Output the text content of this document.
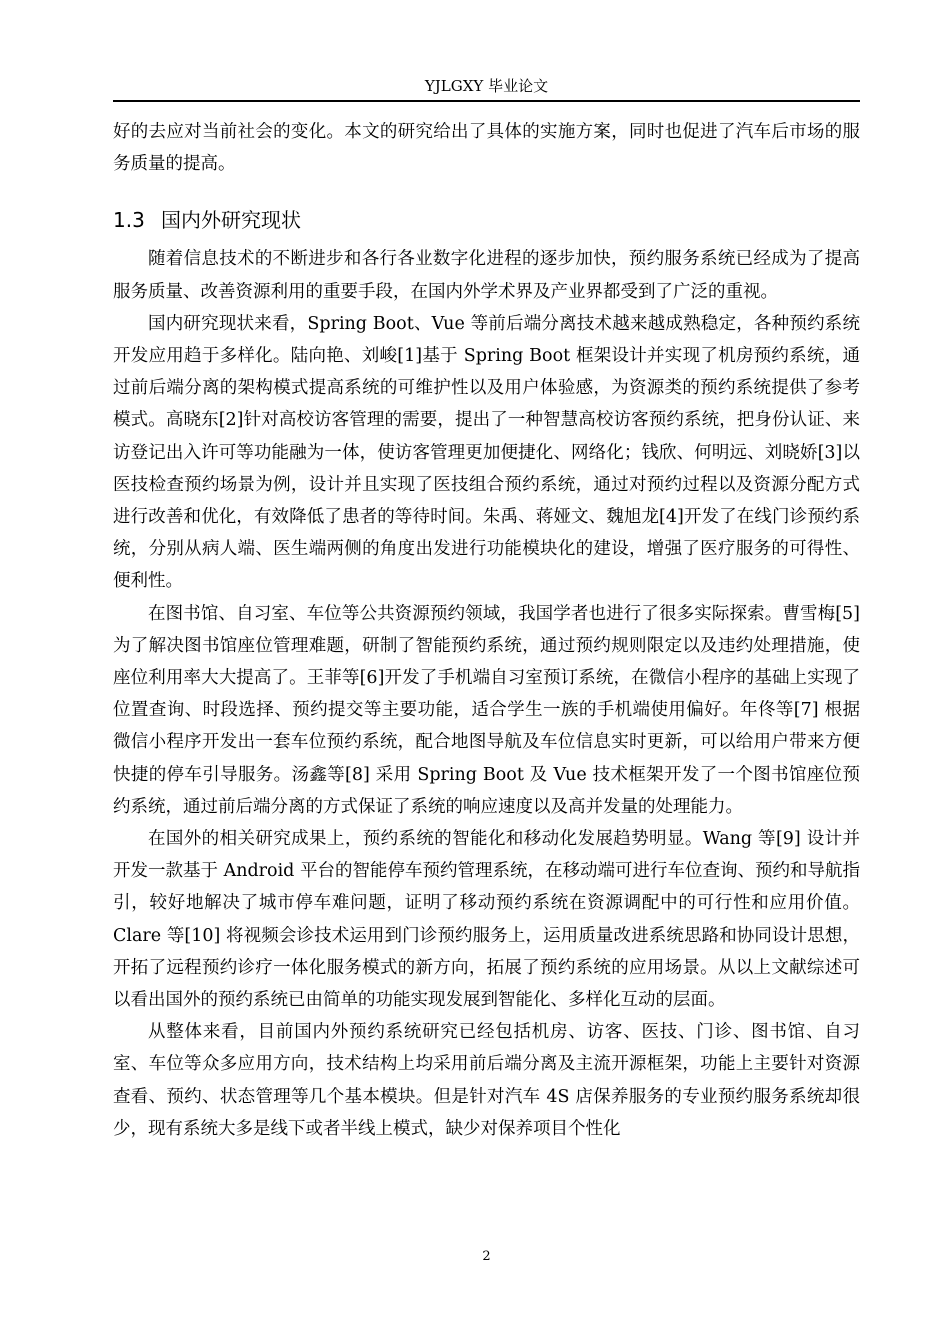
YJLGXY 毕业论文

好的去应对当前社会的变化。本文的研究给出了具体的实施方案，同时也促进了汽车后市场的服务质量的提高。

1.3 国内外研究现状

随着信息技术的不断进步和各行各业数字化进程的逐步加快，预约服务系统已经成为了提高服务质量、改善资源利用的重要手段，在国内外学术界及产业界都受到了广泛的重视。

国内研究现状来看，Spring Boot、Vue 等前后端分离技术越来越成熟稳定，各种预约系统开发应用趋于多样化。陆向艳、刘峻[1]基于 Spring Boot 框架设计并实现了机房预约系统，通过前后端分离的架构模式提高系统的可维护性以及用户体验感，为资源类的预约系统提供了参考模式。高晓东[2]针对高校访客管理的需要，提出了一种智慧高校访客预约系统，把身份认证、来访登记出入许可等功能融为一体，使访客管理更加便捷化、网络化；钱欣、何明远、刘晓娇[3]以医技检查预约场景为例，设计并且实现了医技组合预约系统，通过对预约过程以及资源分配方式进行改善和优化，有效降低了患者的等待时间。朱禹、蒋娅文、魏旭龙[4]开发了在线门诊预约系统，分别从病人端、医生端两侧的角度出发进行功能模块化的建设，增强了医疗服务的可得性、便利性。

在图书馆、自习室、车位等公共资源预约领域，我国学者也进行了很多实际探索。曹雪梅[5] 为了解决图书馆座位管理难题，研制了智能预约系统，通过预约规则限定以及违约处理措施，使座位利用率大大提高了。王菲等[6]开发了手机端自习室预订系统，在微信小程序的基础上实现了位置查询、时段选择、预约提交等主要功能，适合学生一族的手机端使用偏好。年佟等[7] 根据微信小程序开发出一套车位预约系统，配合地图导航及车位信息实时更新，可以给用户带来方便快捷的停车引导服务。汤鑫等[8] 采用 Spring Boot 及 Vue 技术框架开发了一个图书馆座位预约系统，通过前后端分离的方式保证了系统的响应速度以及高并发量的处理能力。

在国外的相关研究成果上，预约系统的智能化和移动化发展趋势明显。Wang 等[9] 设计并开发一款基于 Android 平台的智能停车预约管理系统，在移动端可进行车位查询、预约和导航指引，较好地解决了城市停车难问题，证明了移动预约系统在资源调配中的可行性和应用价值。Clare 等[10] 将视频会诊技术运用到门诊预约服务上，运用质量改进系统思路和协同设计思想，开拓了远程预约诊疗一体化服务模式的新方向，拓展了预约系统的应用场景。从以上文献综述可以看出国外的预约系统已由简单的功能实现发展到智能化、多样化互动的层面。

从整体来看，目前国内外预约系统研究已经包括机房、访客、医技、门诊、图书馆、自习室、车位等众多应用方向，技术结构上均采用前后端分离及主流开源框架，功能上主要针对资源查看、预约、状态管理等几个基本模块。但是针对汽车 4S 店保养服务的专业预约服务系统却很少，现有系统大多是线下或者半线上模式，缺少对保养项目个性化

2
